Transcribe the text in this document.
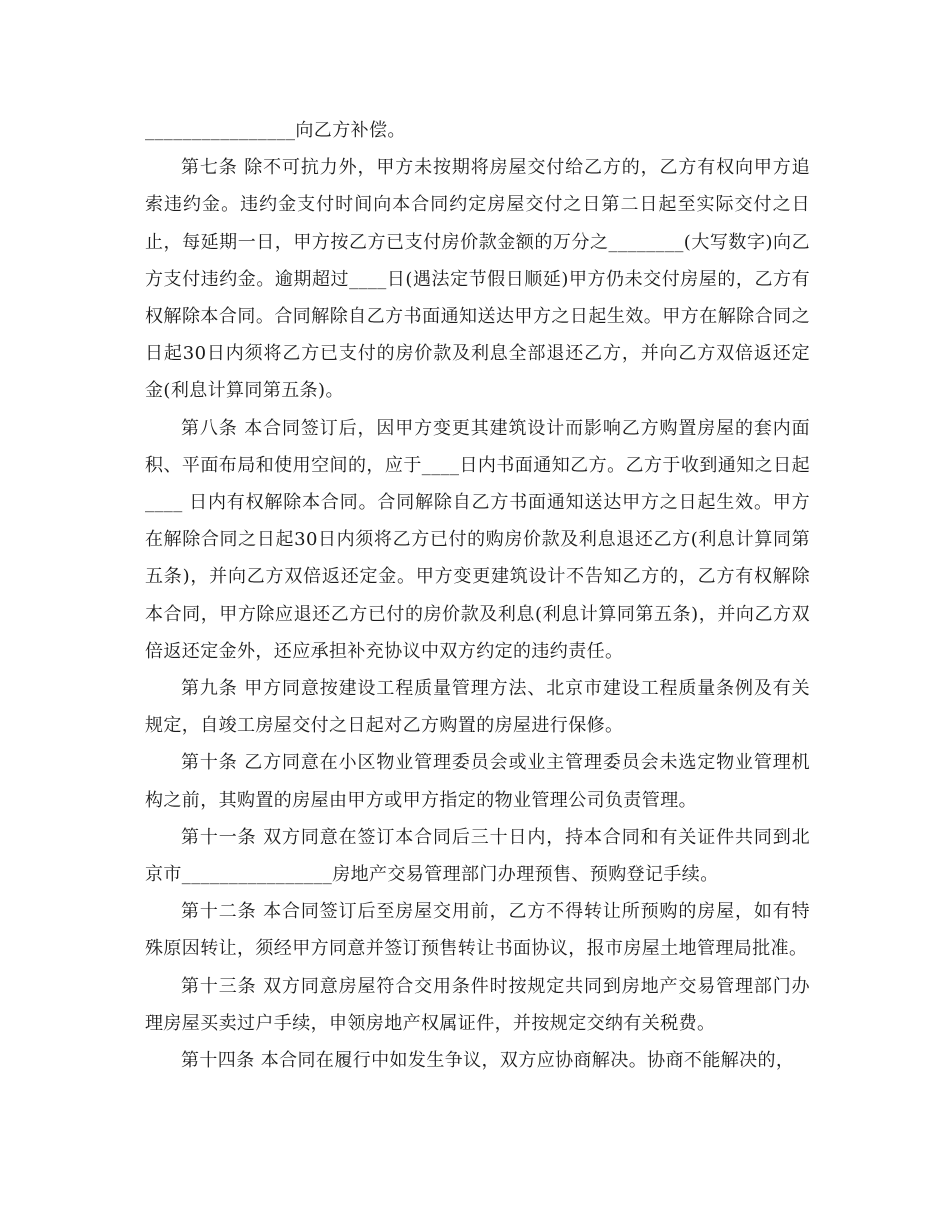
________________向乙方补偿。

第七条 除不可抗力外，甲方未按期将房屋交付给乙方的，乙方有权向甲方追索违约金。违约金支付时间向本合同约定房屋交付之日第二日起至实际交付之日止，每延期一日，甲方按乙方已支付房价款金额的万分之________(大写数字)向乙方支付违约金。逾期超过____日(遇法定节假日顺延)甲方仍未交付房屋的，乙方有权解除本合同。合同解除自乙方书面通知送达甲方之日起生效。甲方在解除合同之日起30日内须将乙方已支付的房价款及利息全部退还乙方，并向乙方双倍返还定金(利息计算同第五条)。

第八条 本合同签订后，因甲方变更其建筑设计而影响乙方购置房屋的套内面积、平面布局和使用空间的，应于____日内书面通知乙方。乙方于收到通知之日起____ 日内有权解除本合同。合同解除自乙方书面通知送达甲方之日起生效。甲方在解除合同之日起30日内须将乙方已付的购房价款及利息退还乙方(利息计算同第五条)，并向乙方双倍返还定金。甲方变更建筑设计不告知乙方的，乙方有权解除本合同，甲方除应退还乙方已付的房价款及利息(利息计算同第五条)，并向乙方双倍返还定金外，还应承担补充协议中双方约定的违约责任。

第九条 甲方同意按建设工程质量管理方法、北京市建设工程质量条例及有关规定，自竣工房屋交付之日起对乙方购置的房屋进行保修。

第十条 乙方同意在小区物业管理委员会或业主管理委员会未选定物业管理机构之前，其购置的房屋由甲方或甲方指定的物业管理公司负责管理。

第十一条 双方同意在签订本合同后三十日内，持本合同和有关证件共同到北京市________________房地产交易管理部门办理预售、预购登记手续。

第十二条 本合同签订后至房屋交用前，乙方不得转让所预购的房屋，如有特殊原因转让，须经甲方同意并签订预售转让书面协议，报市房屋土地管理局批准。

第十三条 双方同意房屋符合交用条件时按规定共同到房地产交易管理部门办理房屋买卖过户手续，申领房地产权属证件，并按规定交纳有关税费。

第十四条 本合同在履行中如发生争议，双方应协商解决。协商不能解决的，
